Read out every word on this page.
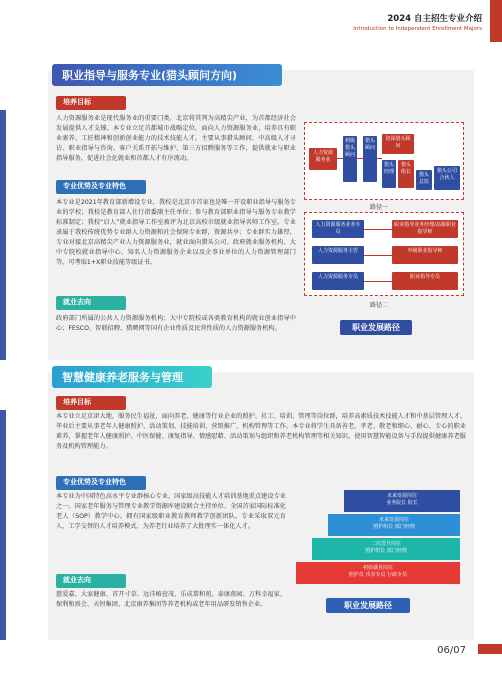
2024 自主招生专业介绍
Introduction to Independent Enrollment Majors
职业指导与服务专业(猎头顾问方向)
培养目标
人力资源服务业是现代服务业的重要门类，北京将其列为高精尖产业，为首都经济社会发展提供人才支撑。本专业立足首都城市战略定位，面向人力资源服务业，培养具有职业素养、工匠精神和创新创业能力的技术技能人才。主要从事猎头顾问、中高级人才寻访、职业指导与咨询、客户关系开拓与维护、第三方招聘服务等工作，提供就业与职业指导服务，促进社会化就业和首都人才有序流动。
专业优势及专业特色
本专业是2021年教育部新增设专业，我校是北京市首家也是唯一开设职业指导与服务专业的学校；我校是教育部人社行指委副主任单位；参与教育部职业指导与服务专业教学标准制定；我校“启人”就业指导工作室被评为北京高校市级就业指导名师工作室。专业隶属于我校传统优势专业群人力资源和社会保障专业群，资源共享；专业群实力雄厚，专业对接北京高精尖产业人力资源服务业，就业面向猎头公司、政府就业服务机构、大中专院校就业指导中心、知名人力资源服务企业以及企事业单位的人力资源管理部门等。可考取1+X职业技能等级证书。
就业去向
政府部门所属的公共人力资源服务机构；大中专院校或各类教育机构的就业创业指导中心；FESCO、智联招聘、猎聘网等国有企业性质及民营性质的人力资源服务机构。
人力资源服务业
初级猎头顾问
猎头顾问
资深猎头顾问
猎头经理
猎头组长	猎头总监
猎头公司合伙人
路径一
人力资源服务业务专员
人力资源服务主管
人力资源服务专员
职业指导业务经理/高级职业指导师
中级职业指导师
职业指导专员
路径二
职业发展路径
智慧健康养老服务与管理
培养目标
本专业立足京津大地，服务民生福祉，面向养老、健康等行业企业的照护、社工、培训、管理等岗位群，培养高素质技术技能人才和中基层管理人才。毕业后主要从事老年人健康照护、活动策划、技能培训、营销推广、机构管理等工作。本专业将学生具备善老、孝老、敬老和细心、耐心、专心的职业素养，掌握老年人健康照护、中医保健、康复指导、情感慰藉、活动策划与组织和养老机构管理等相关知识，使用智慧智能设备与手段提供健康养老服务及机构管理能力。
专业优势及专业特色
本专业为中国特色高水平专业群核心专业、国家级高技能人才培训基地重点建设专业之一。国家老年服务与管理专业教学资源库建设联合主持单位、全国首家国际标准化老人（SOP）教学中心。拥有国家级职业教育教师教学创新团队。专业采取双元育人、工学交替的人才培养模式，为养老行业培养了大批理实一体化人才。
就业去向
慈爱嘉、大家健康、首开寸草、远洋椿萱茂、乐成恭和苑、泰康燕园、万科幸福家、保利和熹会、天恒集团、北京康养集团等养老机构或老年用品研发销售企业。
初始就业岗位
照护员 乐享专员 行政专员
二次晋升岗位
照护组长 部门经理
未来发展岗位
照护组长 部门经理
未来发展岗位
业务院长 院长
职业发展路径
06/07
